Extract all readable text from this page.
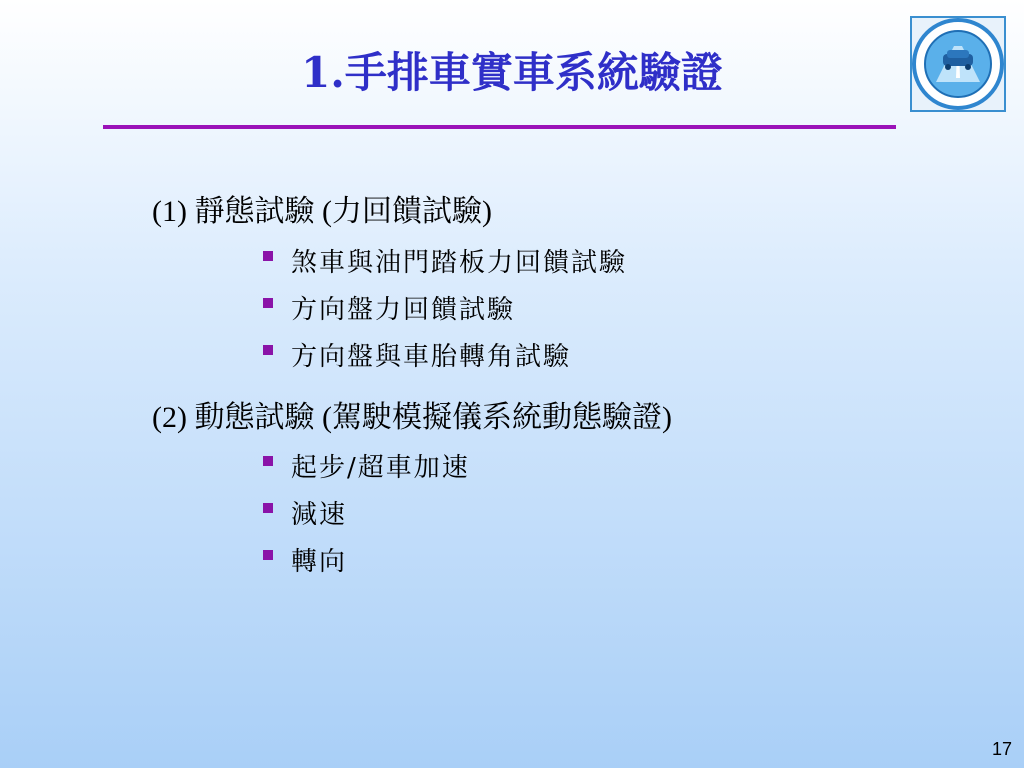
1.手排車實車系統驗證
(1) 靜態試驗 (力回饋試驗)
煞車與油門踏板力回饋試驗
方向盤力回饋試驗
方向盤與車胎轉角試驗
(2) 動態試驗 (駕駛模擬儀系統動態驗證)
起步/超車加速
減速
轉向
17
